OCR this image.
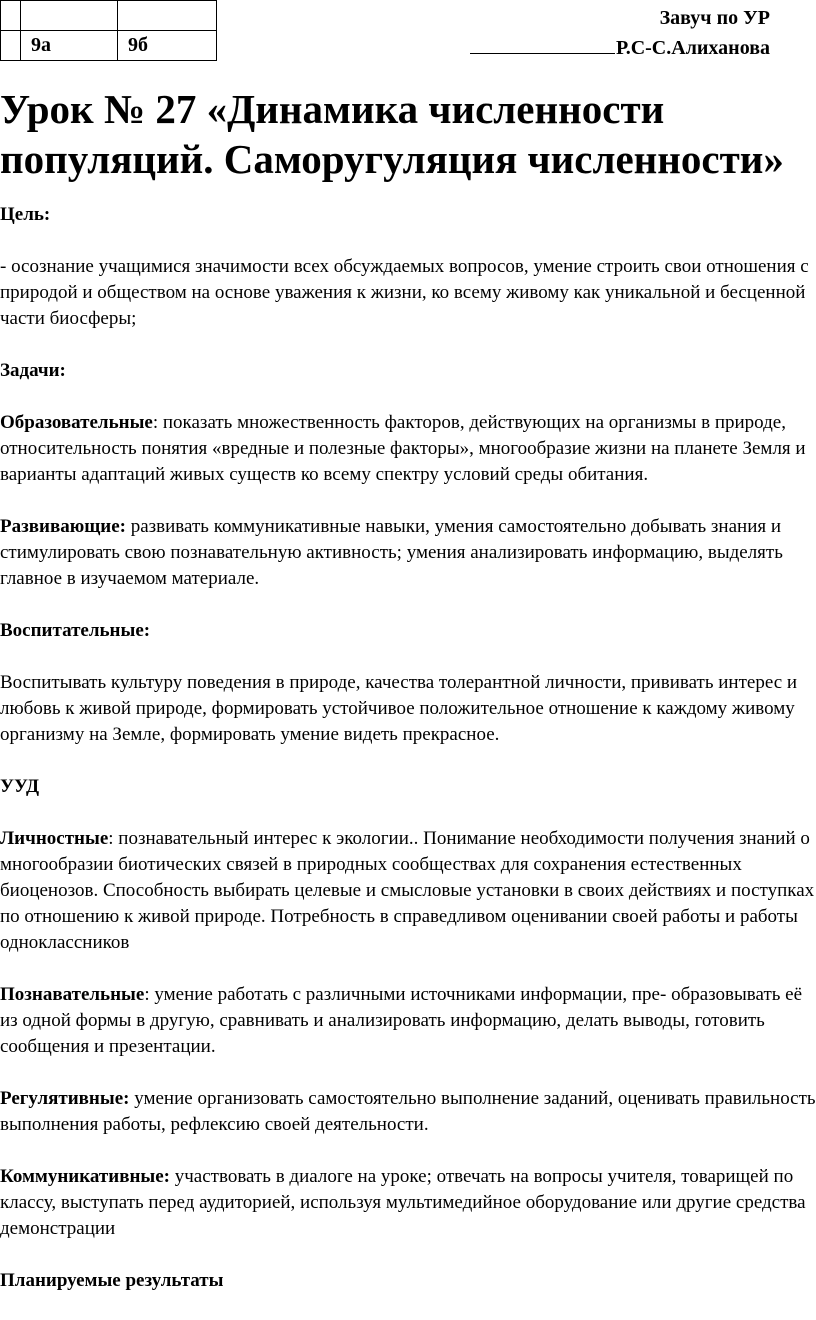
	9а	9б
Завуч по УР
Р.С-С.Алиханова
Урок № 27 «Динамика численности популяций. Саморугуляция численности»

Цель:

- осознание учащимися значимости всех обсуждаемых вопросов, умение строить свои отношения с природой и обществом на основе уважения к жизни, ко всему живому как уникальной и бесценной части биосферы;

Задачи:

Образовательные: показать множественность факторов, действующих на организмы в природе, относительность понятия «вредные и полезные факторы», многообразие жизни на планете Земля и варианты адаптаций живых существ ко всему спектру условий среды обитания.

Развивающие: развивать коммуникативные навыки, умения самостоятельно добывать знания и стимулировать свою познавательную активность; умения анализировать информацию, выделять главное в изучаемом материале.

Воспитательные:

Воспитывать культуру поведения в природе, качества толерантной личности, прививать интерес и любовь к живой природе, формировать устойчивое положительное отношение к каждому живому организму на Земле, формировать умение видеть прекрасное.

УУД

Личностные: познавательный интерес к экологии.. Понимание необходимости получения знаний о многообразии биотических связей в природных сообществах для сохранения естественных биоценозов. Способность выбирать целевые и смысловые установки в своих действиях и поступках по отношению к живой природе. Потребность в справедливом оценивании своей работы и работы одноклассников

Познавательные: умение работать с различными источниками информации, пре- образовывать её из одной формы в другую, сравнивать и анализировать информацию, делать выводы, готовить сообщения и презентации.

Регулятивные: умение организовать самостоятельно выполнение заданий, оценивать правильность выполнения работы, рефлексию своей деятельности.

Коммуникативные: участвовать в диалоге на уроке; отвечать на вопросы учителя, товарищей по классу, выступать перед аудиторией, используя мультимедийное оборудование или другие средства демонстрации

Планируемые результаты
